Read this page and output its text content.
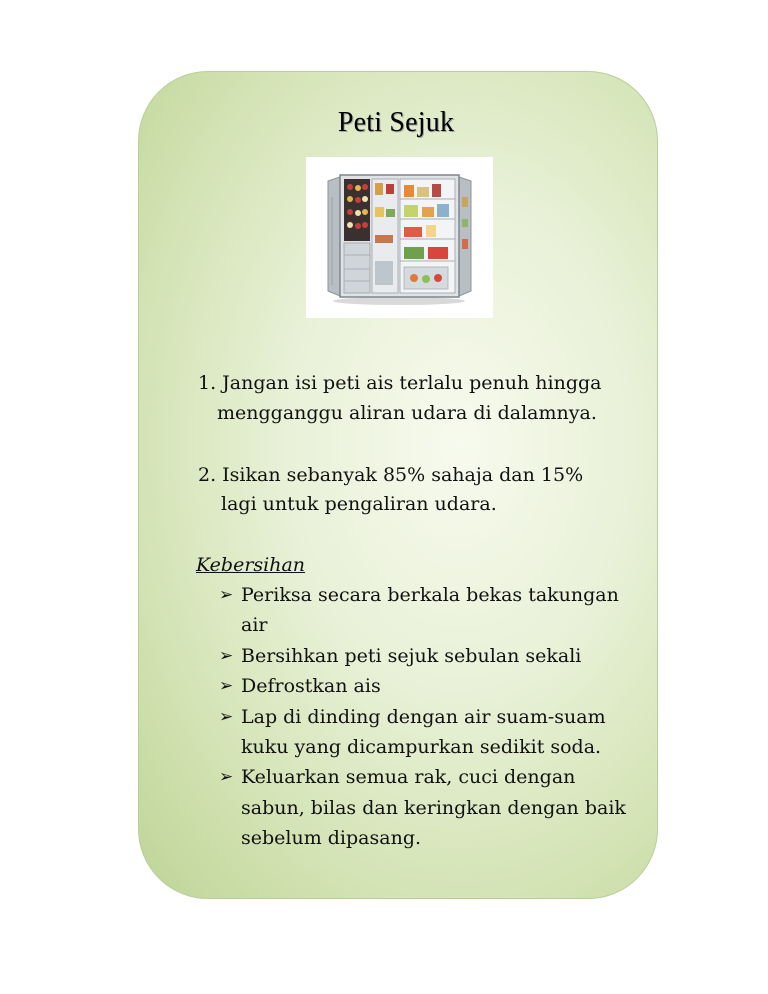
Peti Sejuk
1. Jangan isi peti ais terlalu penuh hingga
mengganggu aliran udara di dalamnya.
2. Isikan sebanyak 85% sahaja dan 15%
lagi untuk pengaliran udara.
Kebersihan
➢ Periksa secara berkala bekas takungan
air
➢ Bersihkan peti sejuk sebulan sekali
➢ Defrostkan ais
➢ Lap di dinding dengan air suam-suam
kuku yang dicampurkan sedikit soda.
➢ Keluarkan semua rak, cuci dengan
sabun, bilas dan keringkan dengan baik
sebelum dipasang.
